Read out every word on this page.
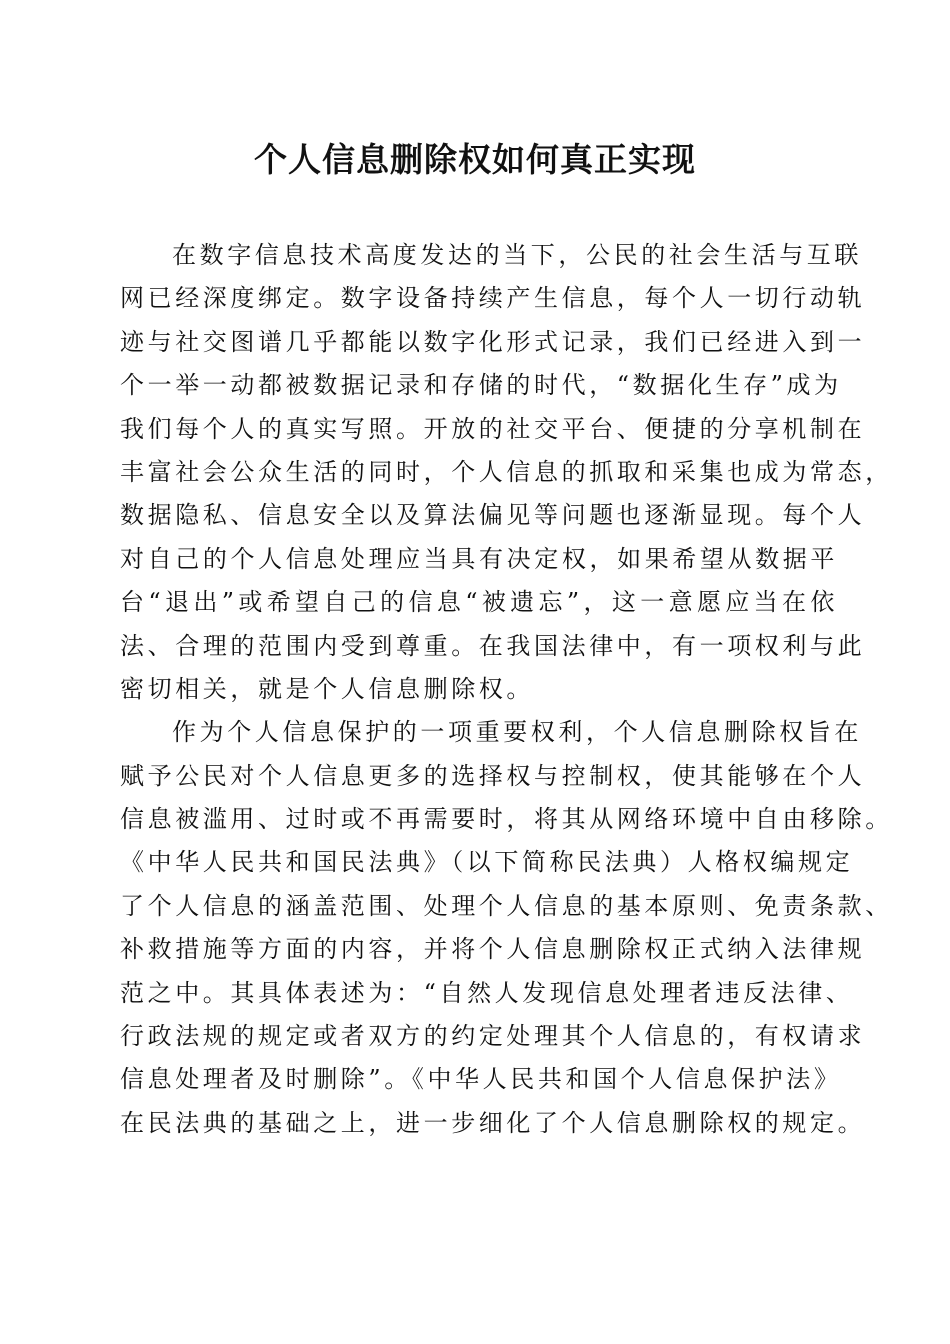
个人信息删除权如何真正实现
在数字信息技术高度发达的当下，公民的社会生活与互联
网已经深度绑定。数字设备持续产生信息，每个人一切行动轨
迹与社交图谱几乎都能以数字化形式记录，我们已经进入到一
个一举一动都被数据记录和存储的时代，“数据化生存”成为
我们每个人的真实写照。开放的社交平台、便捷的分享机制在
丰富社会公众生活的同时，个人信息的抓取和采集也成为常态，
数据隐私、信息安全以及算法偏见等问题也逐渐显现。每个人
对自己的个人信息处理应当具有决定权，如果希望从数据平
台“退出”或希望自己的信息“被遗忘”，这一意愿应当在依
法、合理的范围内受到尊重。在我国法律中，有一项权利与此
密切相关，就是个人信息删除权。
作为个人信息保护的一项重要权利，个人信息删除权旨在
赋予公民对个人信息更多的选择权与控制权，使其能够在个人
信息被滥用、过时或不再需要时，将其从网络环境中自由移除。
《中华人民共和国民法典》（以下简称民法典）人格权编规定
了个人信息的涵盖范围、处理个人信息的基本原则、免责条款、
补救措施等方面的内容，并将个人信息删除权正式纳入法律规
范之中。其具体表述为：“自然人发现信息处理者违反法律、
行政法规的规定或者双方的约定处理其个人信息的，有权请求
信息处理者及时删除”。《中华人民共和国个人信息保护法》
在民法典的基础之上，进一步细化了个人信息删除权的规定。
